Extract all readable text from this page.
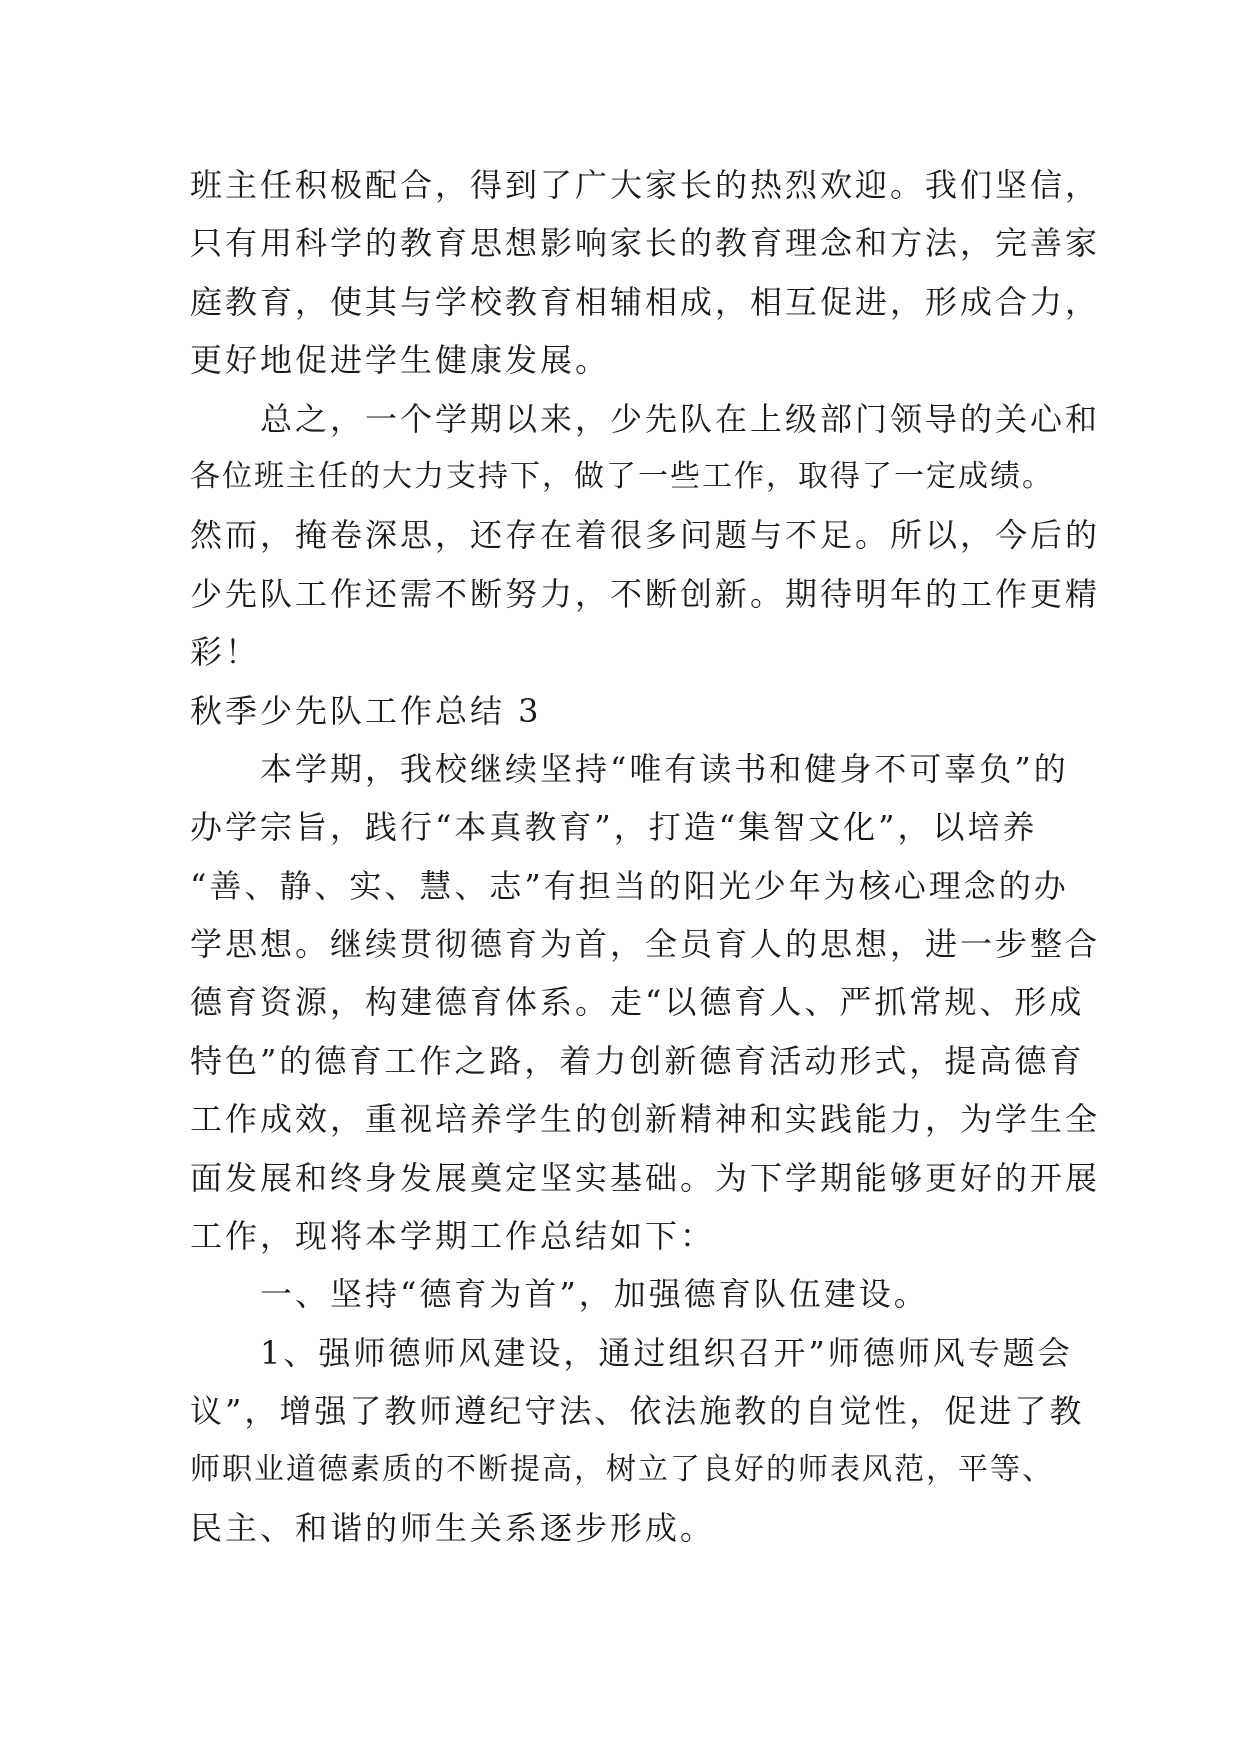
班主任积极配合，得到了广大家长的热烈欢迎。我们坚信，
只有用科学的教育思想影响家长的教育理念和方法，完善家
庭教育，使其与学校教育相辅相成，相互促进，形成合力，
更好地促进学生健康发展。
　　总之，一个学期以来，少先队在上级部门领导的关心和
各位班主任的大力支持下，做了一些工作，取得了一定成绩。
然而，掩卷深思，还存在着很多问题与不足。所以，今后的
少先队工作还需不断努力，不断创新。期待明年的工作更精
彩！
秋季少先队工作总结 3
　　本学期，我校继续坚持“唯有读书和健身不可辜负”的
办学宗旨，践行“本真教育”，打造“集智文化”，以培养
“善、静、实、慧、志”有担当的阳光少年为核心理念的办
学思想。继续贯彻德育为首，全员育人的思想，进一步整合
德育资源，构建德育体系。走“以德育人、严抓常规、形成
特色”的德育工作之路，着力创新德育活动形式，提高德育
工作成效，重视培养学生的创新精神和实践能力，为学生全
面发展和终身发展奠定坚实基础。为下学期能够更好的开展
工作，现将本学期工作总结如下：
　　一、坚持“德育为首”，加强德育队伍建设。
　　1、强师德师风建设，通过组织召开”师德师风专题会
议”，增强了教师遵纪守法、依法施教的自觉性，促进了教
师职业道德素质的不断提高，树立了良好的师表风范，平等、
民主、和谐的师生关系逐步形成。
